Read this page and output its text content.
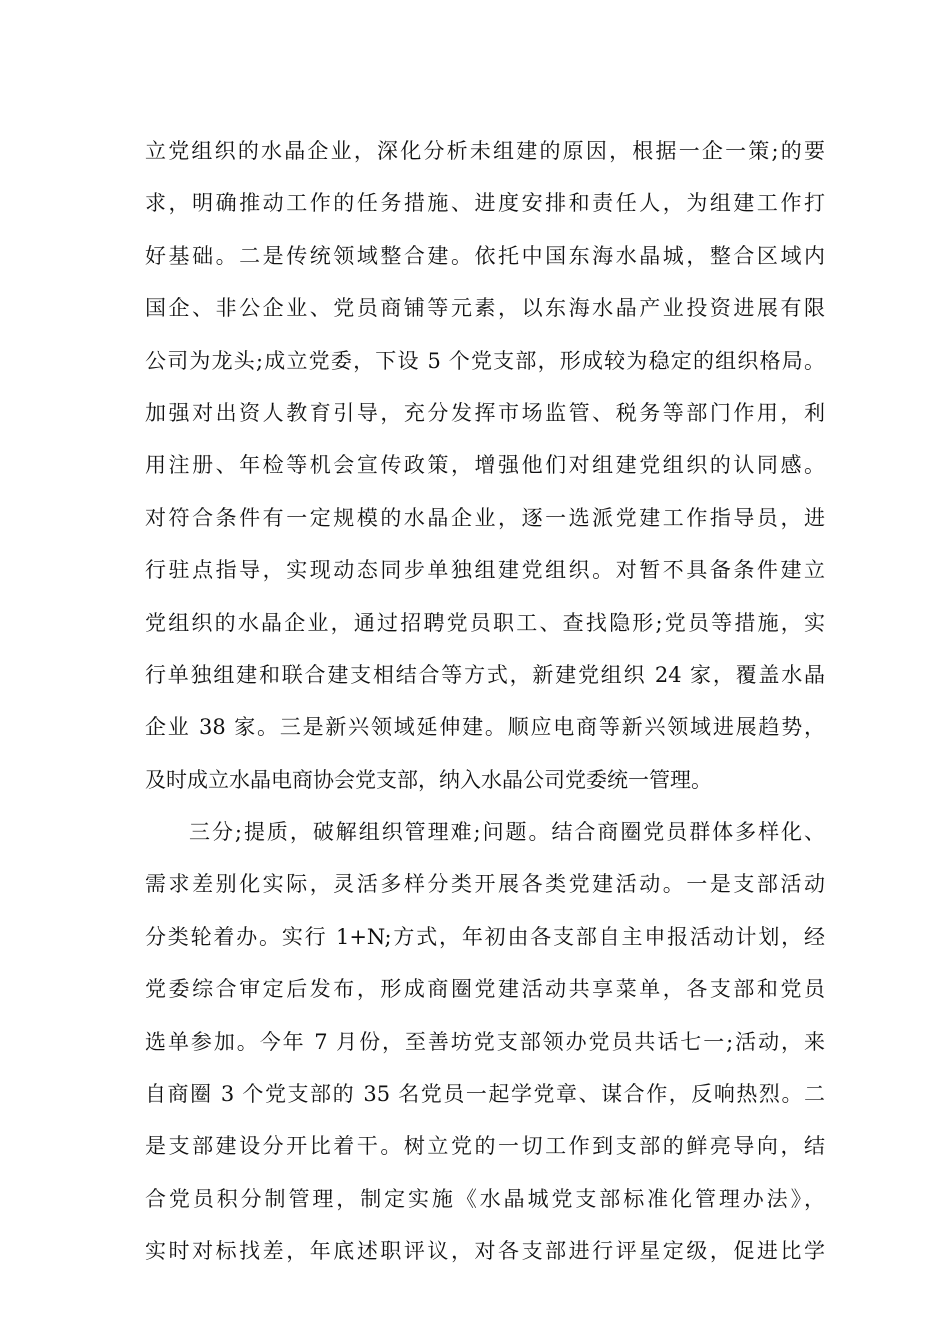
立党组织的水晶企业，深化分析未组建的原因，根据一企一策;的要
求，明确推动工作的任务措施、进度安排和责任人，为组建工作打
好基础。二是传统领域整合建。依托中国东海水晶城，整合区域内
国企、非公企业、党员商铺等元素，以东海水晶产业投资进展有限
公司为龙头;成立党委，下设 5 个党支部，形成较为稳定的组织格局。
加强对出资人教育引导，充分发挥市场监管、税务等部门作用，利
用注册、年检等机会宣传政策，增强他们对组建党组织的认同感。
对符合条件有一定规模的水晶企业，逐一选派党建工作指导员，进
行驻点指导，实现动态同步单独组建党组织。对暂不具备条件建立
党组织的水晶企业，通过招聘党员职工、查找隐形;党员等措施，实
行单独组建和联合建支相结合等方式，新建党组织 24 家，覆盖水晶
企业 38 家。三是新兴领域延伸建。顺应电商等新兴领域进展趋势，
及时成立水晶电商协会党支部，纳入水晶公司党委统一管理。
三分;提质，破解组织管理难;问题。结合商圈党员群体多样化、
需求差别化实际，灵活多样分类开展各类党建活动。一是支部活动
分类轮着办。实行 1+N;方式，年初由各支部自主申报活动计划，经
党委综合审定后发布，形成商圈党建活动共享菜单，各支部和党员
选单参加。今年 7 月份，至善坊党支部领办党员共话七一;活动，来
自商圈 3 个党支部的 35 名党员一起学党章、谋合作，反响热烈。二
是支部建设分开比着干。树立党的一切工作到支部的鲜亮导向，结
合党员积分制管理，制定实施《水晶城党支部标准化管理办法》，
实时对标找差，年底述职评议，对各支部进行评星定级，促进比学
